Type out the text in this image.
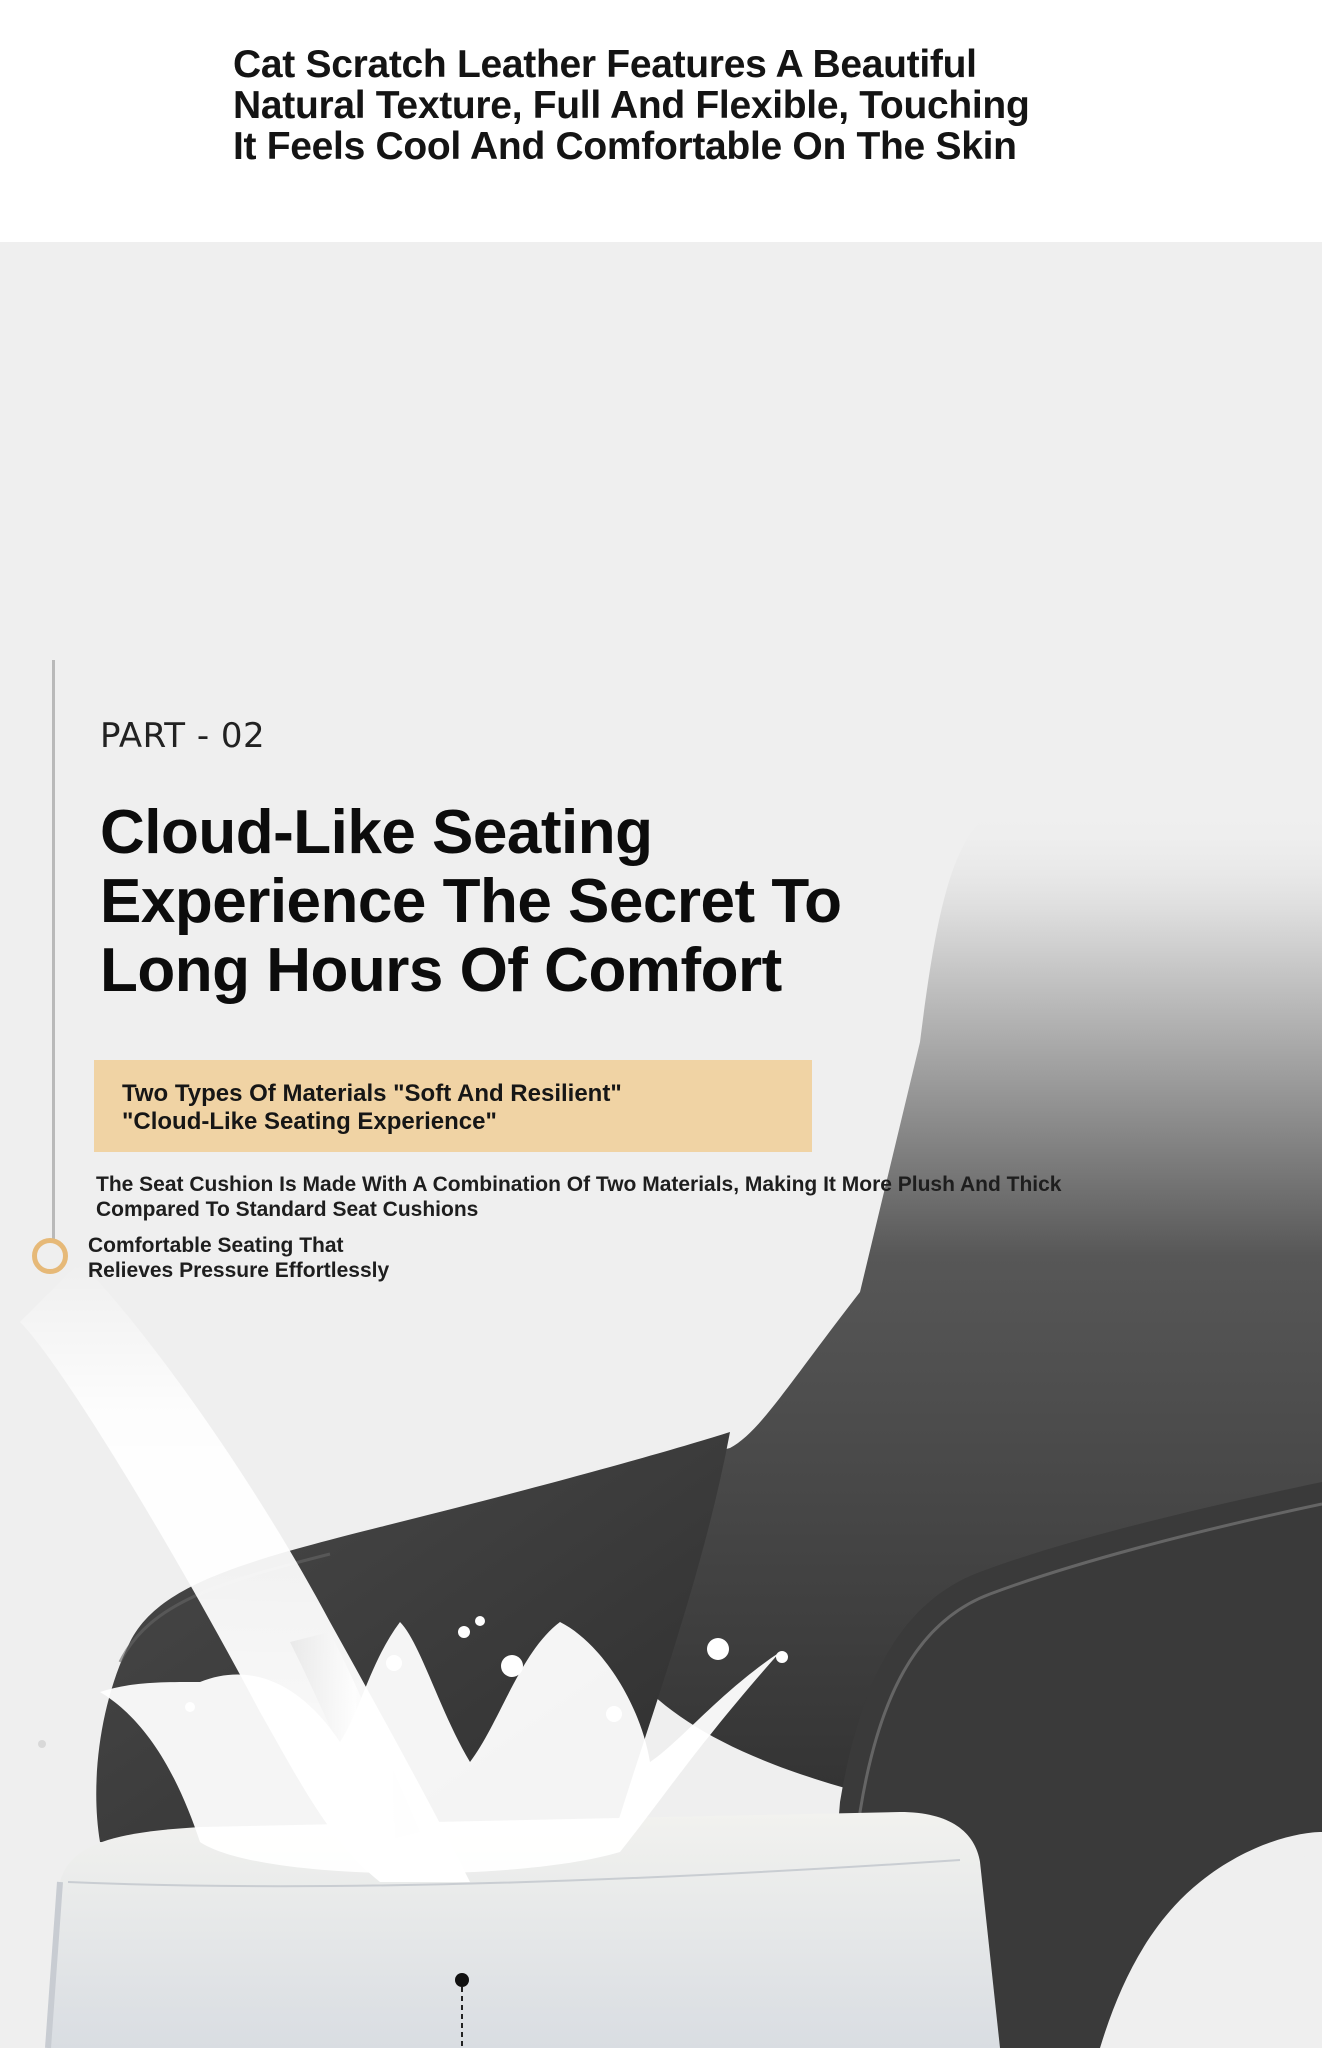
Cat Scratch Leather Features A Beautiful
Natural Texture, Full And Flexible, Touching
It Feels Cool And Comfortable On The Skin

PART - 02

Cloud-Like Seating
Experience The Secret To
Long Hours Of Comfort
Two Types Of Materials "Soft And Resilient"
"Cloud-Like Seating Experience"

The Seat Cushion Is Made With A Combination Of Two Materials, Making It More Plush And Thick
Compared To Standard Seat Cushions

Comfortable Seating That
Relieves Pressure Effortlessly
